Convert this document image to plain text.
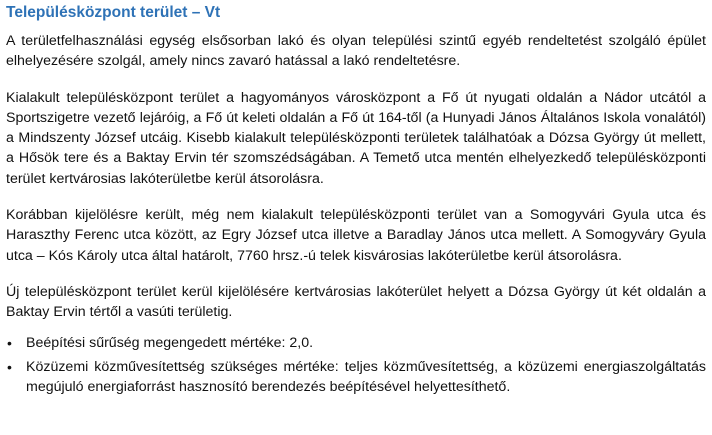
Településközpont terület – Vt

A területfelhasználási egység elsősorban lakó és olyan települési szintű egyéb rendeltetést szolgáló épület elhelyezésére szolgál, amely nincs zavaró hatással a lakó rendeltetésre.

Kialakult településközpont terület a hagyományos városközpont a Fő út nyugati oldalán a Nádor utcától a Sportszigetre vezető lejáróig, a Fő út keleti oldalán a Fő út 164-től (a Hunyadi János Általános Iskola vonalától) a Mindszenty József utcáig. Kisebb kialakult településközponti területek találhatóak a Dózsa György út mellett, a Hősök tere és a Baktay Ervin tér szomszédságában. A Temető utca mentén elhelyezkedő településközponti terület kertvárosias lakóterületbe kerül átsorolásra.

Korábban kijelölésre került, még nem kialakult településközponti terület van a Somogyvári Gyula utca és Haraszthy Ferenc utca között, az Egry József utca illetve a Baradlay János utca mellett. A Somogyváry Gyula utca – Kós Károly utca által határolt, 7760 hrsz.-ú telek kisvárosias lakóterületbe kerül átsorolásra.

Új településközpont terület kerül kijelölésére kertvárosias lakóterület helyett a Dózsa György út két oldalán a Baktay Ervin tértől a vasúti területig.

• Beépítési sűrűség megengedett mértéke: 2,0.
• Közüzemi közművesítettség szükséges mértéke: teljes közművesítettség, a közüzemi energiaszolgáltatás megújuló energiaforrást hasznosító berendezés beépítésével helyettesíthető.
